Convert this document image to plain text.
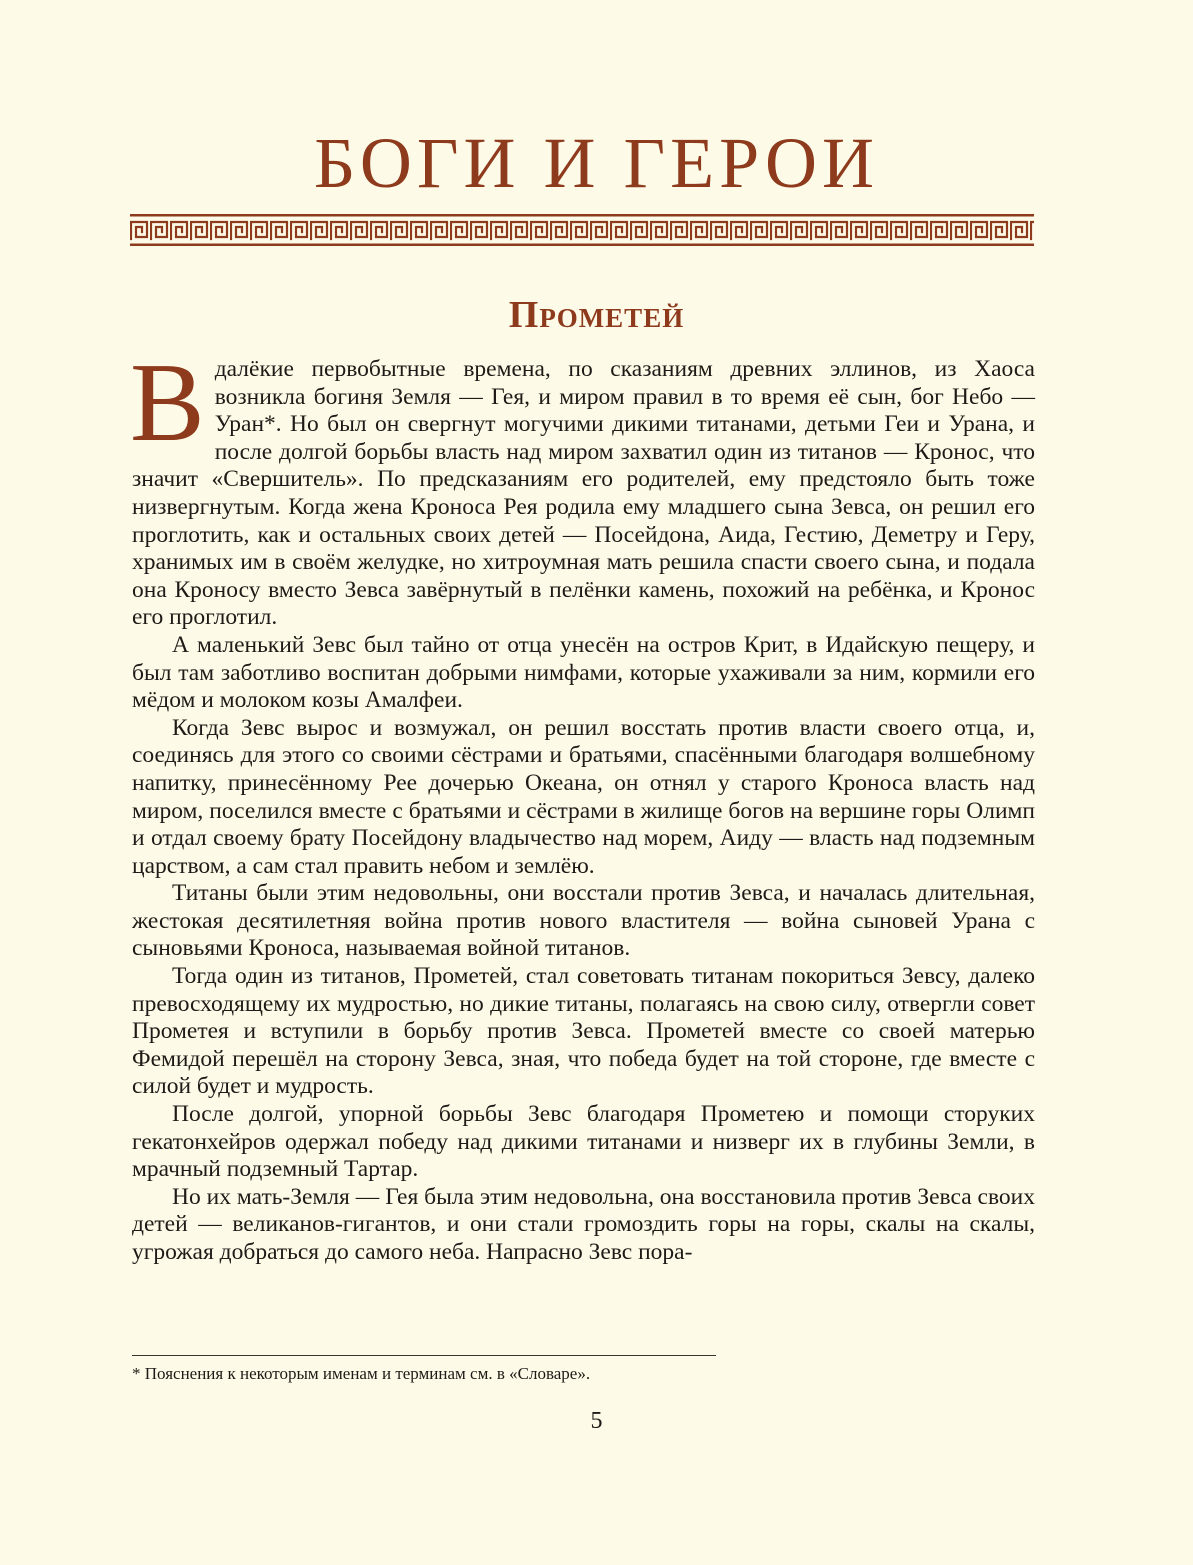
БОГИ И ГЕРОИ
Прометей

Вдалёкие первобытные времена, по сказаниям древних эллинов, из Хаоса возникла богиня Земля — Гея, и миром правил в то время её сын, бог Небо — Уран*. Но был он свергнут могучими дикими титанами, детьми Геи и Урана, и после долгой борьбы власть над миром захватил один из титанов — Кронос, что значит «Свершитель». По предсказаниям его родителей, ему предстояло быть тоже низвергнутым. Когда жена Кроноса Рея родила ему младшего сына Зевса, он решил его проглотить, как и остальных своих детей — Посейдона, Аида, Гестию, Деметру и Геру, хранимых им в своём желудке, но хитроумная мать решила спасти своего сына, и подала она Кроносу вместо Зевса завёрнутый в пелёнки камень, похожий на ребёнка, и Кронос его проглотил.

А маленький Зевс был тайно от отца унесён на остров Крит, в Идайскую пещеру, и был там заботливо воспитан добрыми нимфами, которые ухаживали за ним, кормили его мёдом и молоком козы Амалфеи.

Когда Зевс вырос и возмужал, он решил восстать против власти своего отца, и, соединясь для этого со своими сёстрами и братьями, спасёнными благодаря волшебному напитку, принесённому Рее дочерью Океана, он отнял у старого Кроноса власть над миром, поселился вместе с братьями и сёстрами в жилище богов на вершине горы Олимп и отдал своему брату Посейдону владычество над морем, Аиду — власть над подземным царством, а сам стал править небом и землёю.

Титаны были этим недовольны, они восстали против Зевса, и началась длительная, жестокая десятилетняя война против нового властителя — война сыновей Урана с сыновьями Кроноса, называемая войной титанов.

Тогда один из титанов, Прометей, стал советовать титанам покориться Зевсу, далеко превосходящему их мудростью, но дикие титаны, полагаясь на свою силу, отвергли совет Прометея и вступили в борьбу против Зевса. Прометей вместе со своей матерью Фемидой перешёл на сторону Зевса, зная, что победа будет на той стороне, где вместе с силой будет и мудрость.

После долгой, упорной борьбы Зевс благодаря Прометею и помощи сторуких гекатонхейров одержал победу над дикими титанами и низверг их в глубины Земли, в мрачный подземный Тартар.

Но их мать-Земля — Гея была этим недовольна, она восстановила против Зевса своих детей — великанов-гигантов, и они стали громоздить горы на горы, скалы на скалы, угрожая добраться до самого неба. Напрасно Зевс пора-

* Пояснения к некоторым именам и терминам см. в «Словаре».
5
